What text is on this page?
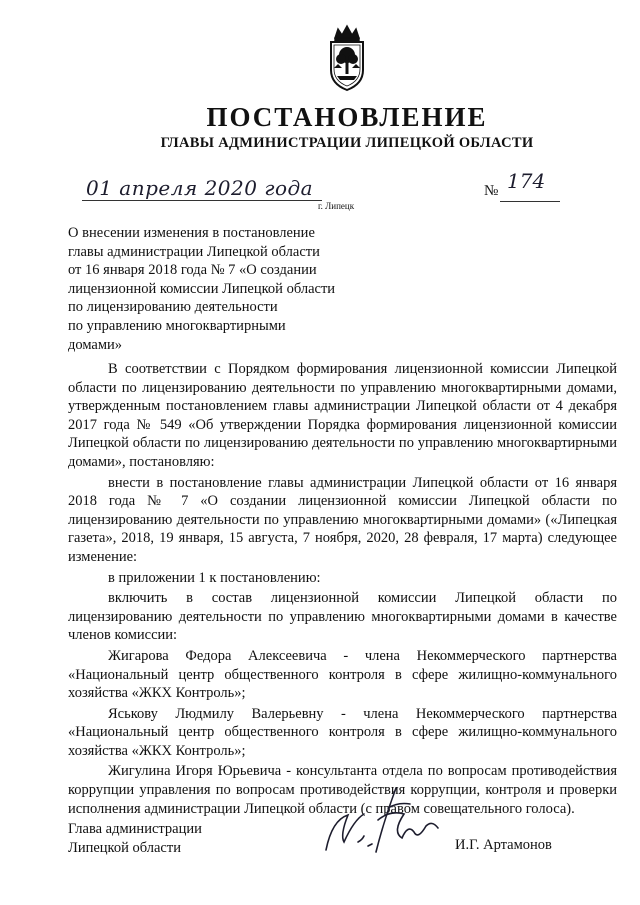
ПОСТАНОВЛЕНИЕ
ГЛАВЫ АДМИНИСТРАЦИИ ЛИПЕЦКОЙ ОБЛАСТИ
01 апреля 2020 года	№ 174
г. Липецк
О внесении изменения в постановление
главы администрации Липецкой области
от 16 января 2018 года № 7 «О создании
лицензионной комиссии Липецкой области
по лицензированию деятельности
по управлению многоквартирными
домами»

В соответствии с Порядком формирования лицензионной комиссии Липецкой области по лицензированию деятельности по управлению многоквартирными домами, утвержденным постановлением главы администрации Липецкой области от 4 декабря 2017 года № 549 «Об утверждении Порядка формирования лицензионной комиссии Липецкой области по лицензированию деятельности по управлению многоквартирными домами», постановляю:

внести в постановление главы администрации Липецкой области от 16 января 2018 года № 7 «О создании лицензионной комиссии Липецкой области по лицензированию деятельности по управлению многоквартирными домами» («Липецкая газета», 2018, 19 января, 15 августа, 7 ноября, 2020, 28 февраля, 17 марта) следующее изменение:

в приложении 1 к постановлению:

включить в состав лицензионной комиссии Липецкой области по лицензированию деятельности по управлению многоквартирными домами в качестве членов комиссии:

Жигарова Федора Алексеевича - члена Некоммерческого партнерства «Национальный центр общественного контроля в сфере жилищно-коммунального хозяйства «ЖКХ Контроль»;

Яськову Людмилу Валерьевну - члена Некоммерческого партнерства «Национальный центр общественного контроля в сфере жилищно-коммунального хозяйства «ЖКХ Контроль»;

Жигулина Игоря Юрьевича - консультанта отдела по вопросам противодействия коррупции управления по вопросам противодействия коррупции, контроля и проверки исполнения администрации Липецкой области (с правом совещательного голоса).

Глава администрации
Липецкой области	И.Г. Артамонов
